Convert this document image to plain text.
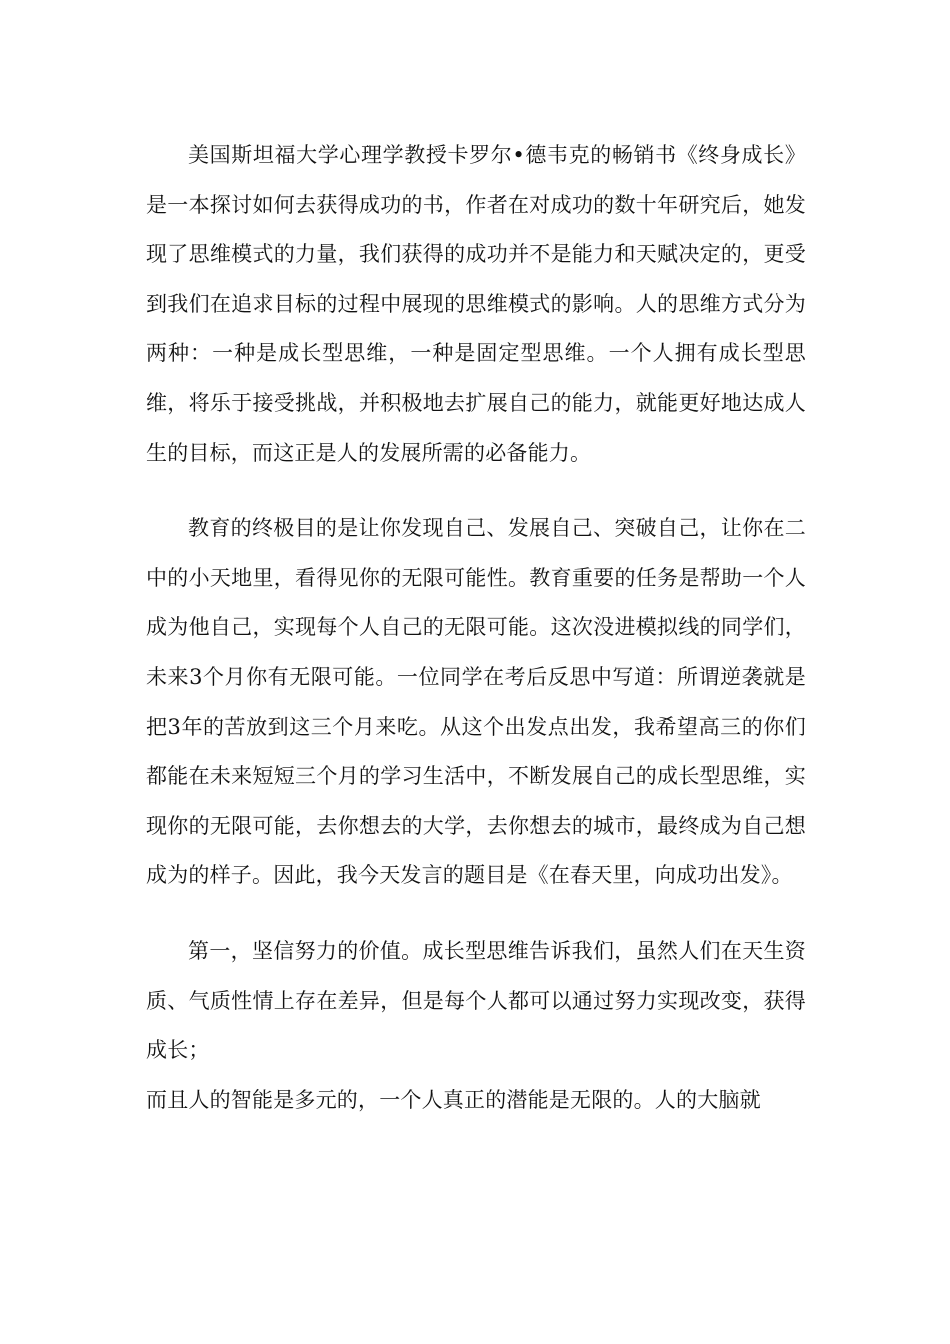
美国斯坦福大学心理学教授卡罗尔•德韦克的畅销书《终身成长》是一本探讨如何去获得成功的书，作者在对成功的数十年研究后，她发现了思维模式的力量，我们获得的成功并不是能力和天赋决定的，更受到我们在追求目标的过程中展现的思维模式的影响。人的思维方式分为两种：一种是成长型思维，一种是固定型思维。一个人拥有成长型思维，将乐于接受挑战，并积极地去扩展自己的能力，就能更好地达成人生的目标，而这正是人的发展所需的必备能力。

教育的终极目的是让你发现自己、发展自己、突破自己，让你在二中的小天地里，看得见你的无限可能性。教育重要的任务是帮助一个人成为他自己，实现每个人自己的无限可能。这次没进模拟线的同学们，未来3个月你有无限可能。一位同学在考后反思中写道：所谓逆袭就是把3年的苦放到这三个月来吃。从这个出发点出发，我希望高三的你们都能在未来短短三个月的学习生活中，不断发展自己的成长型思维，实现你的无限可能，去你想去的大学，去你想去的城市，最终成为自己想成为的样子。因此，我今天发言的题目是《在春天里，向成功出发》。

第一，坚信努力的价值。成长型思维告诉我们，虽然人们在天生资质、气质性情上存在差异，但是每个人都可以通过努力实现改变，获得成长；

而且人的智能是多元的，一个人真正的潜能是无限的。人的大脑就
